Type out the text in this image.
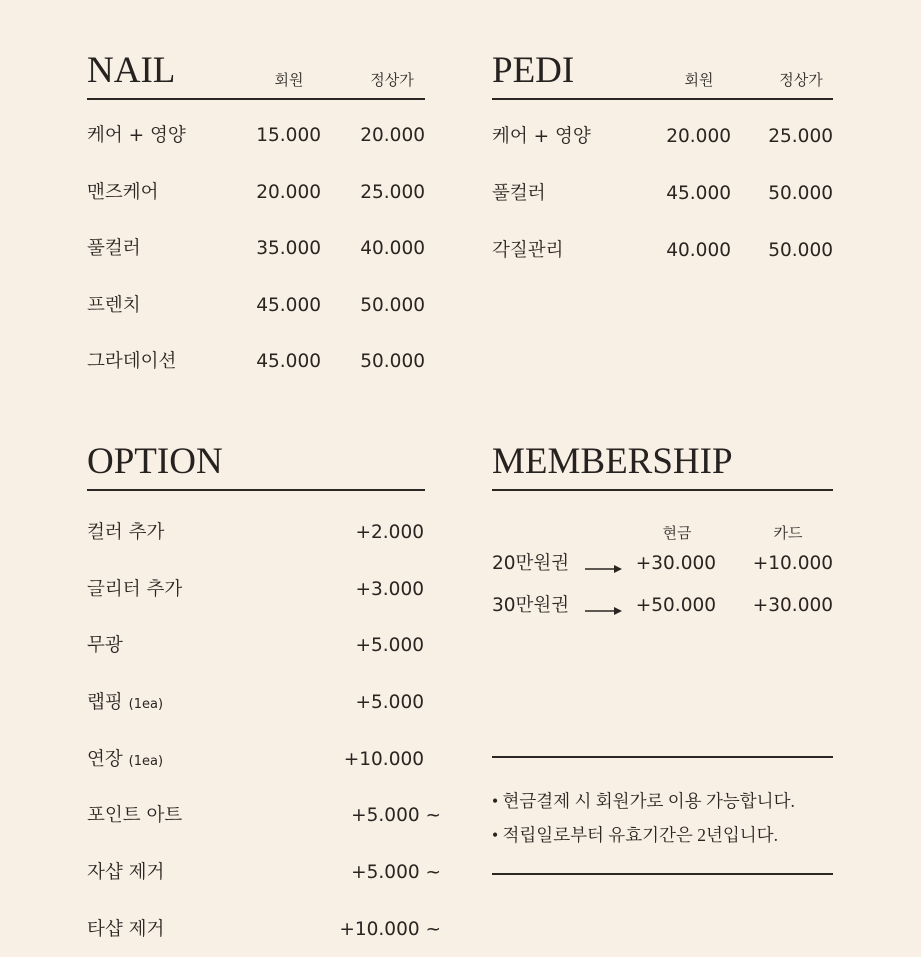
NAIL	회원	정상가
케어 + 영양	15.000 20.000
맨즈케어	20.000 25.000
풀컬러	35.000 40.000
프렌치	45.000 50.000
그라데이션	45.000 50.000
PEDI	회원	정상가
케어 + 영양	20.000 25.000
풀컬러	45.000 50.000
각질관리	40.000 50.000
OPTION
컬러 추가	+2.000
글리터 추가	+3.000
무광	+5.000
랩핑 (1ea)	+5.000
연장 (1ea)	+10.000
포인트 아트	+5.000 ~
자샵 제거	+5.000 ~
타샵 제거	+10.000 ~
MEMBERSHIP
현금	카드
20만원권	+30.000 +10.000
30만원권	+50.000 +30.000
• 현금결제 시 회원가로 이용 가능합니다.
• 적립일로부터 유효기간은 2년입니다.
